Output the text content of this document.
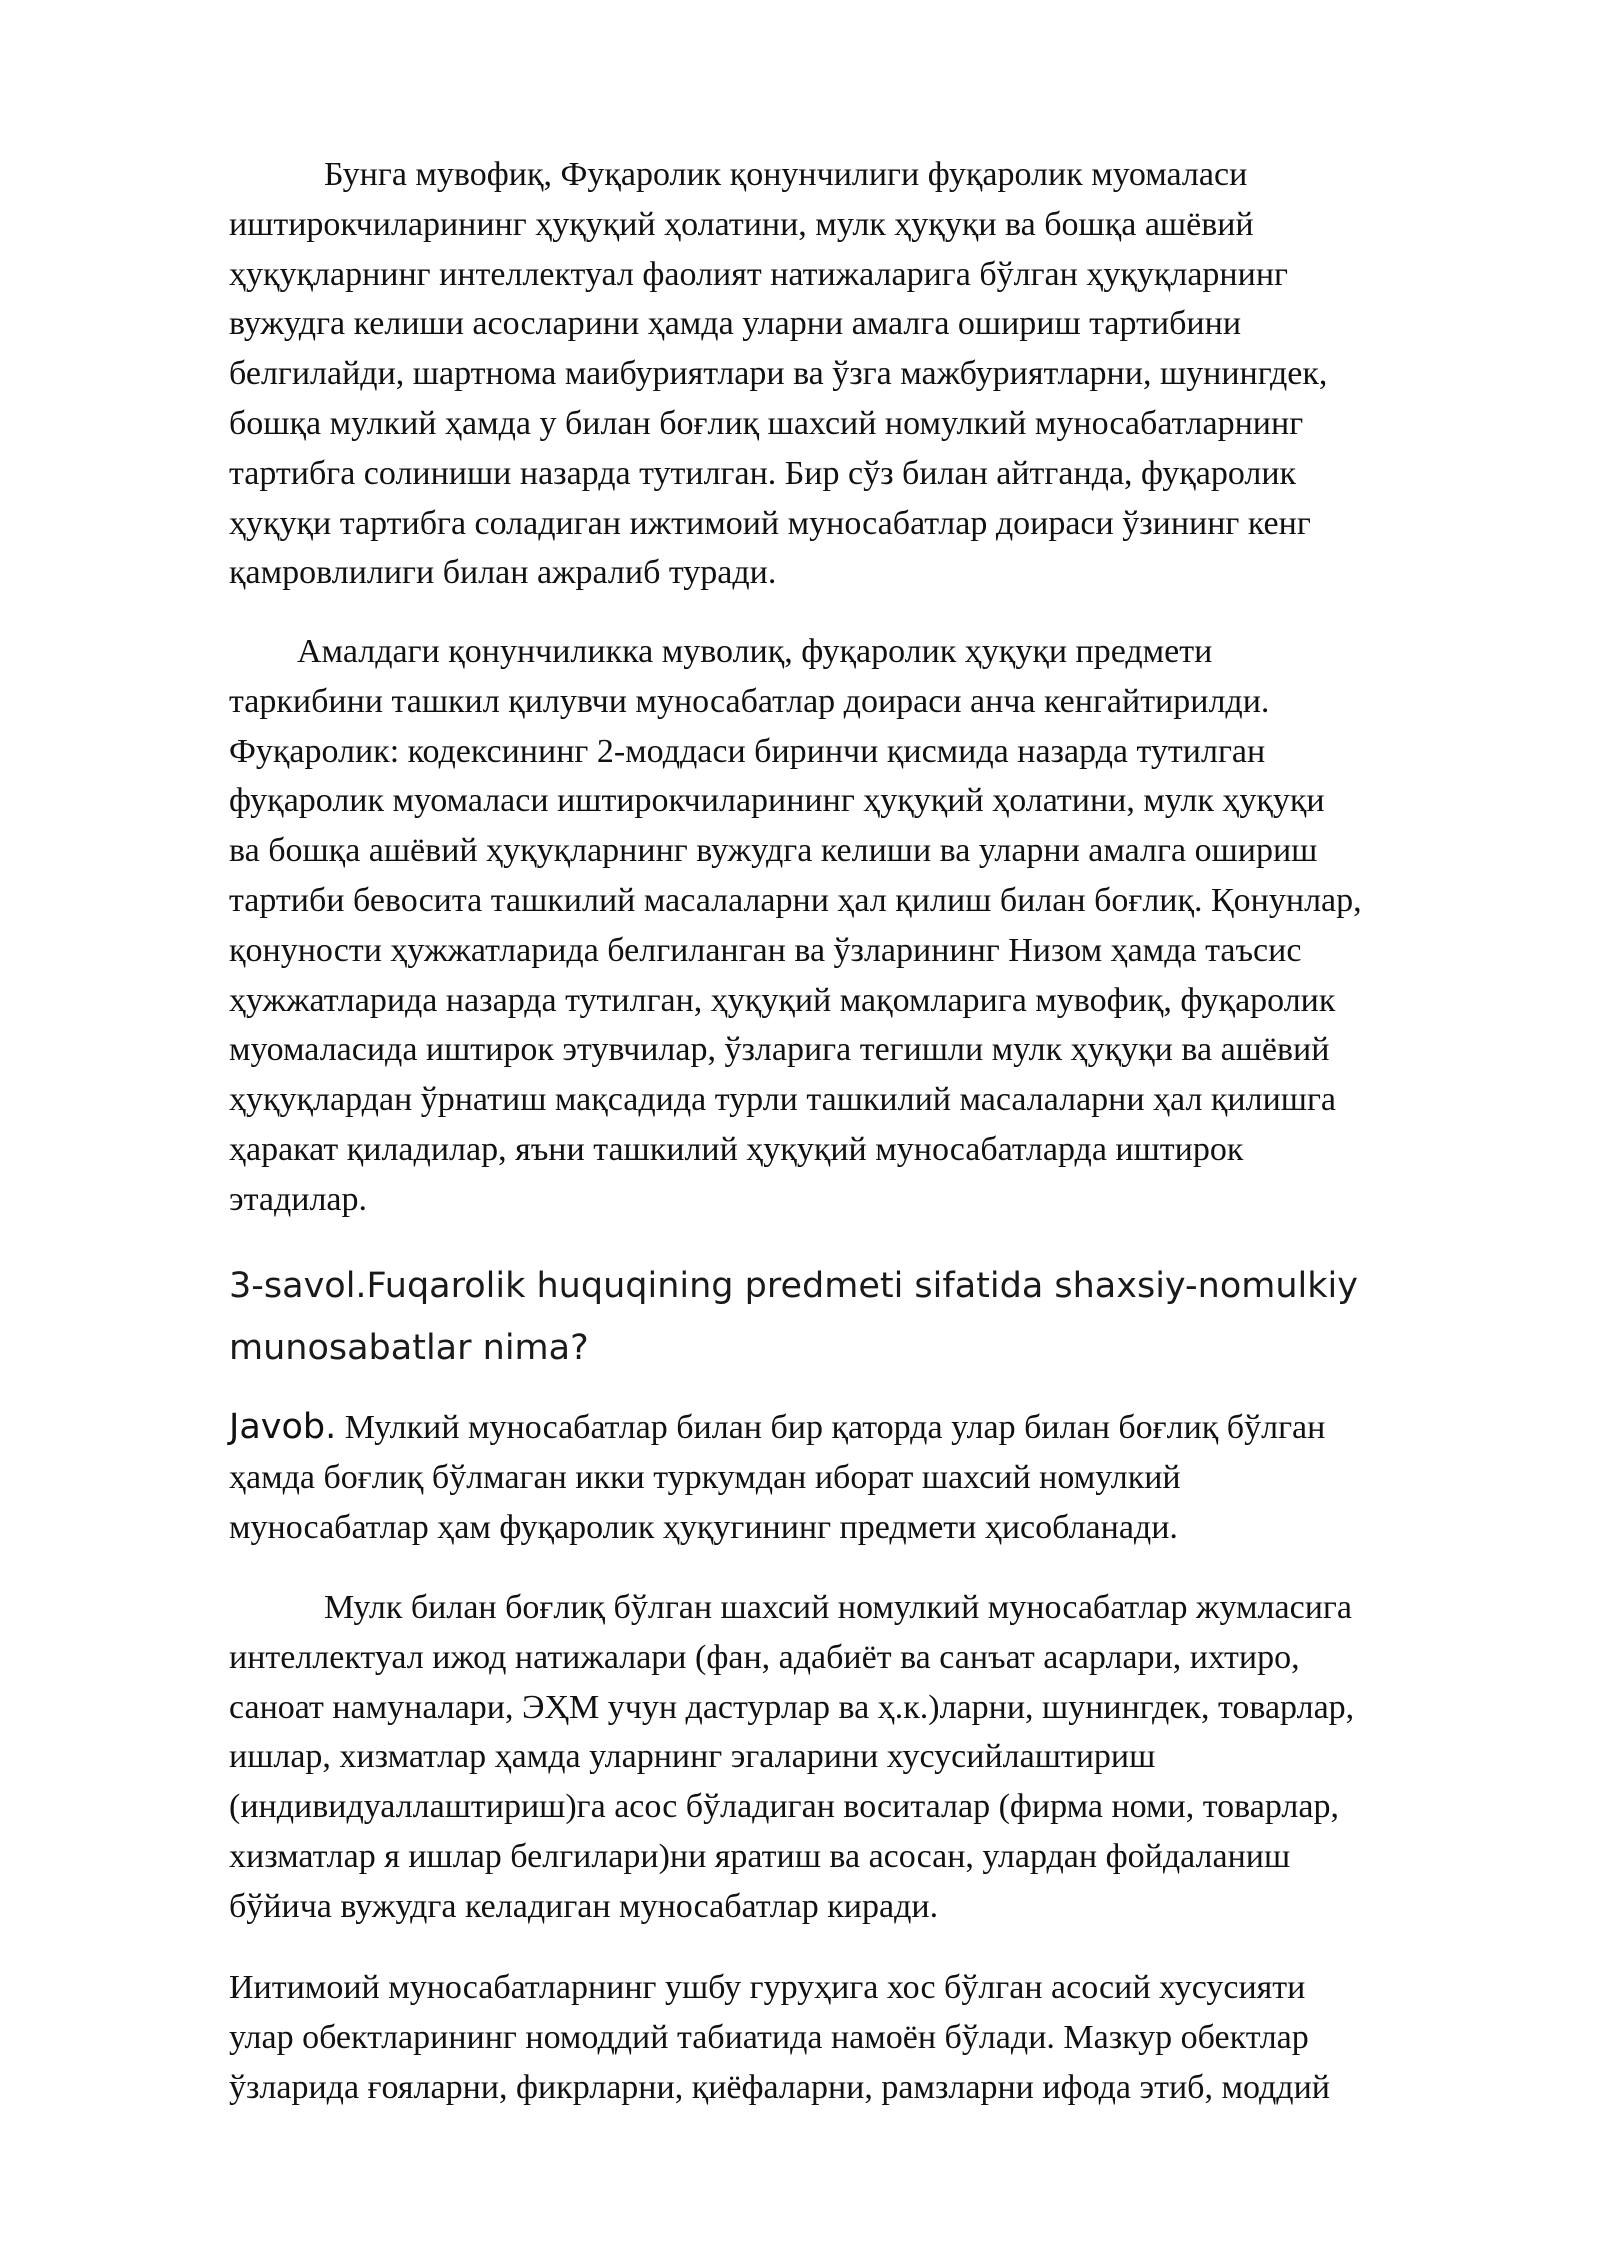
Бунга мувофиқ, Фуқаролик қонунчилиги фуқаролик муомаласи
иштирокчиларининг ҳуқуқий ҳолатини, мулк ҳуқуқи ва бошқа ашёвий
ҳуқуқларнинг интеллектуал фаолият натижаларига бўлган ҳуқуқларнинг
вужудга келиши асосларини ҳамда уларни амалга ошириш тартибини
белгилайди, шартнома маибуриятлари ва ўзга мажбуриятларни, шунингдек,
бошқа мулкий ҳамда у билан боғлиқ шахсий номулкий муносабатларнинг
тартибга солиниши назарда тутилган. Бир сўз билан айтганда, фуқаролик
ҳуқуқи тартибга соладиган ижтимоий муносабатлар доираси ўзининг кенг
қамровлилиги билан ажралиб туради.

Амалдаги қонунчиликка муволиқ, фуқаролик ҳуқуқи предмети
таркибини ташкил қилувчи муносабатлар доираси анча кенгайтирилди.
Фуқаролик: кодексининг 2-моддаси биринчи қисмида назарда тутилган
фуқаролик муомаласи иштирокчиларининг ҳуқуқий ҳолатини, мулк ҳуқуқи
ва бошқа ашёвий ҳуқуқларнинг вужудга келиши ва уларни амалга ошириш
тартиби бевосита ташкилий масалаларни ҳал қилиш билан боғлиқ. Қонунлар,
қонуности ҳужжатларида белгиланган ва ўзларининг Низом ҳамда таъсис
ҳужжатларида назарда тутилган, ҳуқуқий мақомларига мувофиқ, фуқаролик
муомаласида иштирок этувчилар, ўзларига тегишли мулк ҳуқуқи ва ашёвий
ҳуқуқлардан ўрнатиш мақсадида турли ташкилий масалаларни ҳал қилишга
ҳаракат қиладилар, яъни ташкилий ҳуқуқий муносабатларда иштирок
этадилар.

3-savol.Fuqarolik huquqining predmeti sifatida shaxsiy-nomulkiy
munosabatlar nima?

Javob. Мулкий муносабатлар билан бир қаторда улар билан боғлиқ бўлган
ҳамда боғлиқ бўлмаган икки туркумдан иборат шахсий номулкий
муносабатлар ҳам фуқаролик ҳуқугининг предмети ҳисобланади.

Мулк билан боғлиқ бўлган шахсий номулкий муносабатлар жумласига
интеллектуал ижод натижалари (фан, адабиёт ва санъат асарлари, ихтиро,
саноат намуналари, ЭҲМ учун дастурлар ва ҳ.к.)ларни, шунингдек, товарлар,
ишлар, хизматлар ҳамда уларнинг эгаларини хусусийлаштириш
(индивидуаллаштириш)га асос бўладиган воситалар (фирма номи, товарлар,
хизматлар я ишлар белгилари)ни яратиш ва асосан, улардан фойдаланиш
бўйича вужудга келадиган муносабатлар киради.

Иитимоий муносабатларнинг ушбу гуруҳига хос бўлган асосий хусусияти
улар обектларининг номоддий табиатида намоён бўлади. Мазкур обектлар
ўзларида ғояларни, фикрларни, қиёфаларни, рамзларни ифода этиб, моддий
